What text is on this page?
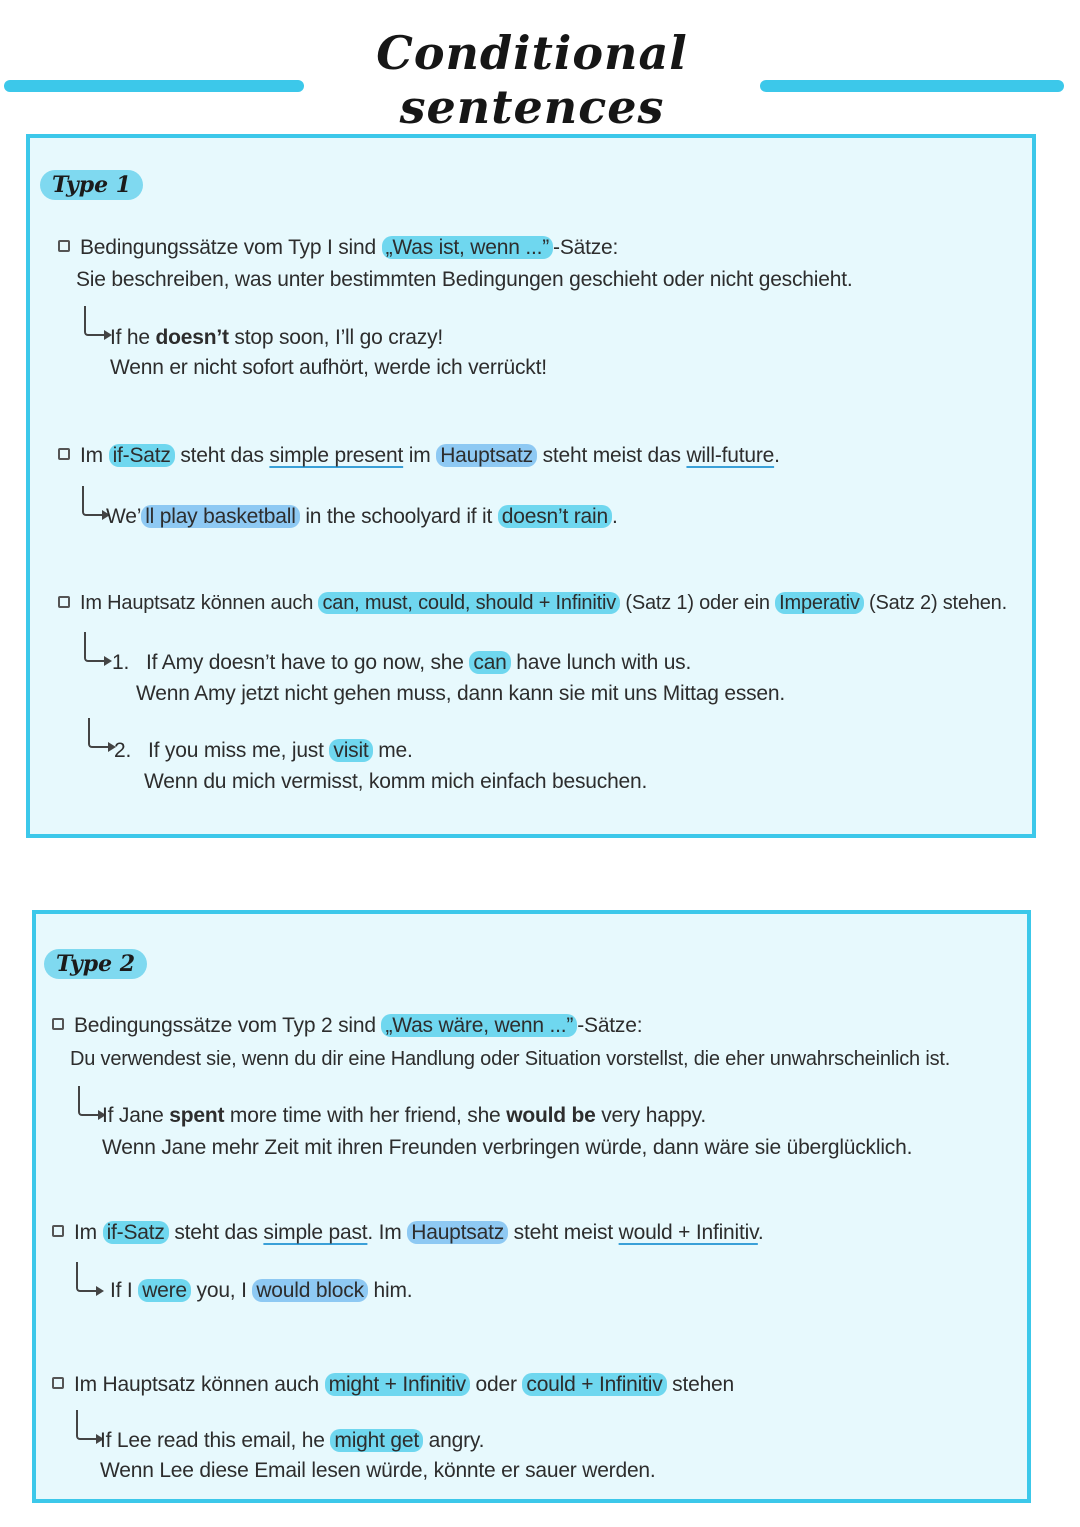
Conditional sentences
Type 1
Bedingungssätze vom Typ I sind „Was ist, wenn ...” -Sätze:
Sie beschreiben, was unter bestimmten Bedingungen geschieht oder nicht geschieht.
If he doesn’t stop soon, I’ll go crazy!
Wenn er nicht sofort aufhört, werde ich verrückt!
Im if-Satz steht das simple present im Hauptsatz steht meist das will-future.
We’ ll play basketball in the schoolyard if it doesn’t rain .
Im Hauptsatz können auch can, must, could, should + Infinitiv (Satz 1) oder ein Imperativ (Satz 2) stehen.
1. If Amy doesn’t have to go now, she can have lunch with us.
Wenn Amy jetzt nicht gehen muss, dann kann sie mit uns Mittag essen.
2. If you miss me, just visit me.
Wenn du mich vermisst, komm mich einfach besuchen.
Type 2
Bedingungssätze vom Typ 2 sind „Was wäre, wenn ...” -Sätze:
Du verwendest sie, wenn du dir eine Handlung oder Situation vorstellst, die eher unwahrscheinlich ist.
If Jane spent more time with her friend, she would be very happy.
Wenn Jane mehr Zeit mit ihren Freunden verbringen würde, dann wäre sie überglücklich.
Im if-Satz steht das simple past. Im Hauptsatz steht meist would + Infinitiv.
If I were you, I would block him.
Im Hauptsatz können auch might + Infinitiv oder could + Infinitiv stehen
If Lee read this email, he might get angry.
Wenn Lee diese Email lesen würde, könnte er sauer werden.
